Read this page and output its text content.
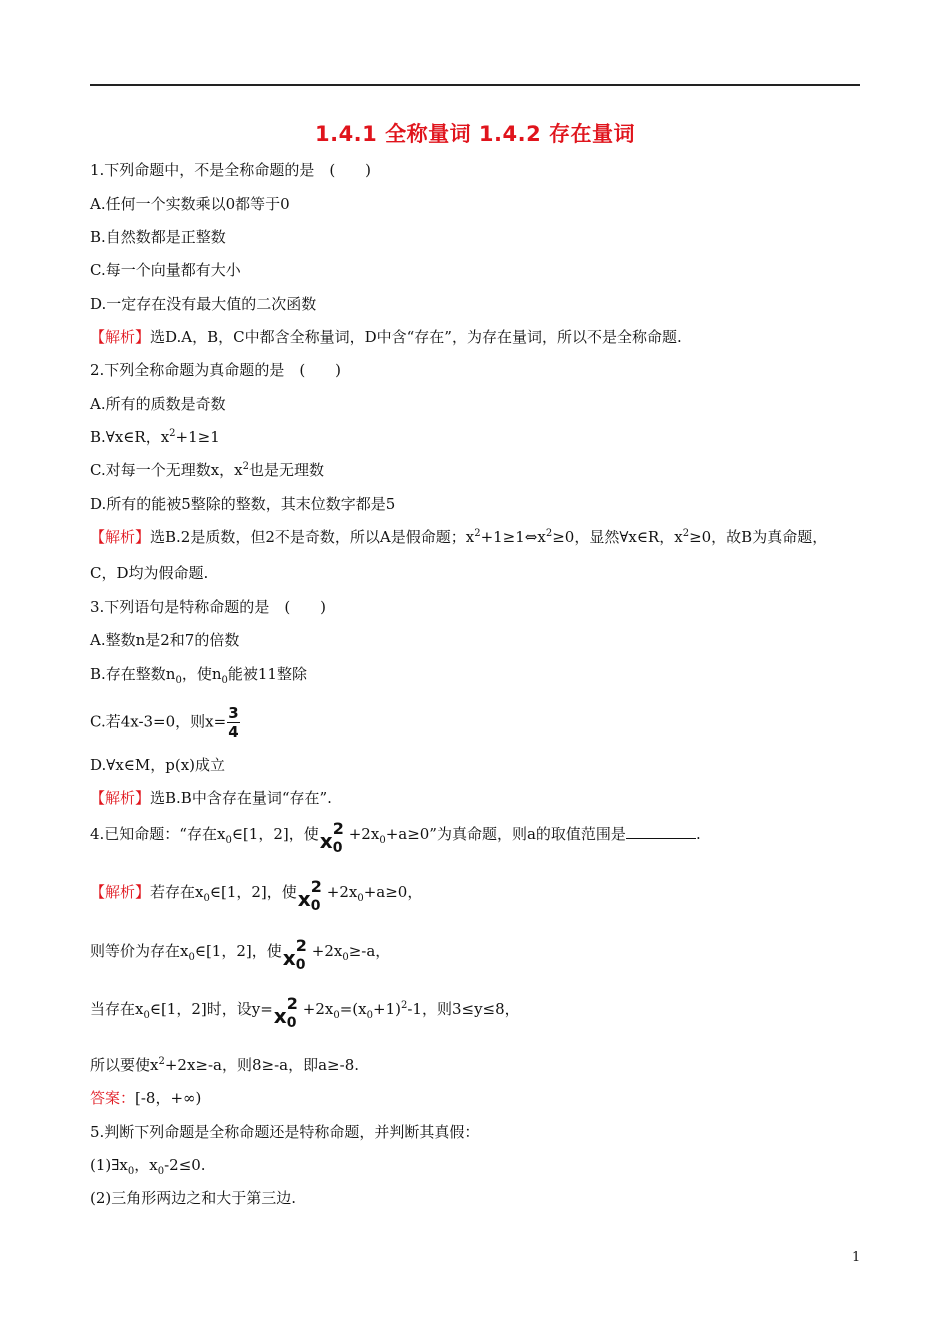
1.4.1 全称量词 1.4.2 存在量词
1.下列命题中，不是全称命题的是　(　　)
A.任何一个实数乘以0都等于0
B.自然数都是正整数
C.每一个向量都有大小
D.一定存在没有最大值的二次函数
【解析】选D.A，B，C中都含全称量词，D中含“存在”，为存在量词，所以不是全称命题.
2.下列全称命题为真命题的是　(　　)
A.所有的质数是奇数
B.∀x∈R，$x^2+1\ge 1$
C.对每一个无理数x，$x^2$也是无理数
D.所有的能被5整除的整数，其末位数字都是5
【解析】选B.2是质数，但2不是奇数，所以A是假命题；$x^2+1\ge 1\Leftrightarrow x^2\ge 0$，显然∀x∈R，$x^2\ge 0$，故B为真命题，
C，D均为假命题.
3.下列语句是特称命题的是　(　　)
A.整数n是2和7的倍数
B.存在整数$n_0$，使$n_0$能被11整除
C.若4x-3=0，则$x= \frac{3}{4}$
D.∀x∈M，p(x)成立
【解析】选B.B中含存在量词“存在”.
4.已知命题：“存在$x_0\in[1$，2]，使 x
2
0
$+2x_0+a\ge 0$”为真命题，则a的取值范围是	.
【解析】若存在$x_0\in[1$，2]，使 x
2
0
$+2x_0+a\ge 0$，
则等价为存在$x_0\in[1$，2]，使 x
2
0
$+2x_0\ge-a$，
当存在$x_0\in[1$，2]时，设y= x
2
0
$+2x_0=(x_0+1)^2-1$，则3≤y≤8，
所以要使$x^2+2x\ge-a$，则8≥-a，即a≥-8.
答案：[-8，+∞)
5.判断下列命题是全称命题还是特称命题，并判断其真假：
$(1)\exists x_0$，$x_0-2\le 0$.
(2)三角形两边之和大于第三边.
1
